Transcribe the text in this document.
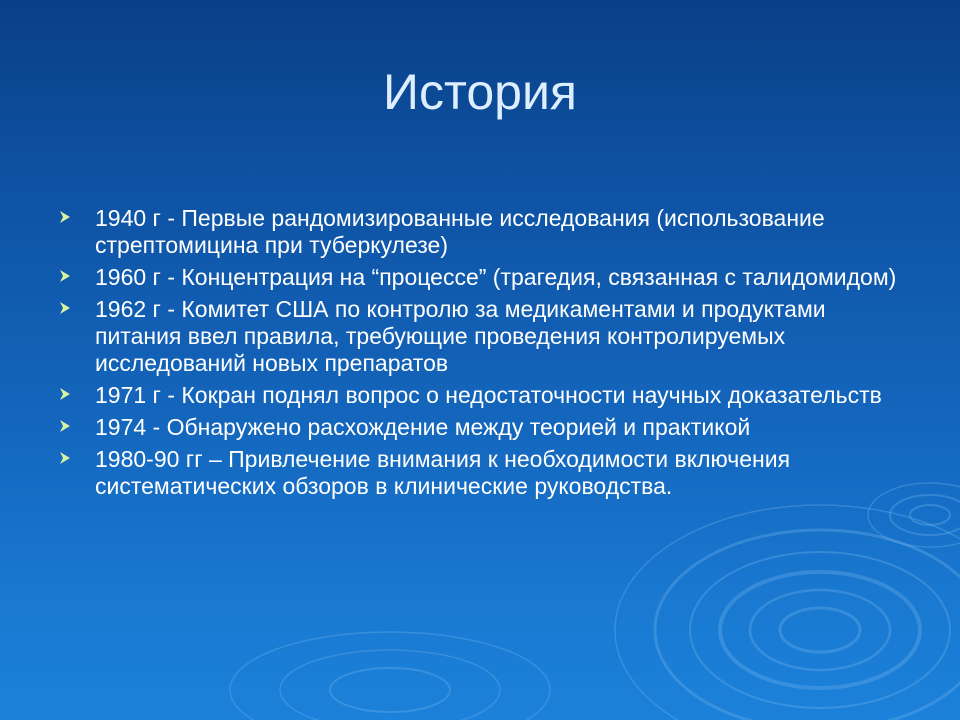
История
1940 г - Первые рандомизированные исследования (использование стрептомицина при туберкулезе)
1960 г - Концентрация на “процессе” (трагедия, связанная с талидомидом)
1962 г - Комитет США по контролю за медикаментами и продуктами питания ввел правила, требующие проведения контролируемых исследований новых препаратов
1971 г - Кокран поднял вопрос о недостаточности научных доказательств
1974 - Обнаружено расхождение между теорией и практикой
1980-90 гг – Привлечение внимания к необходимости включения систематических обзоров в клинические руководства.
